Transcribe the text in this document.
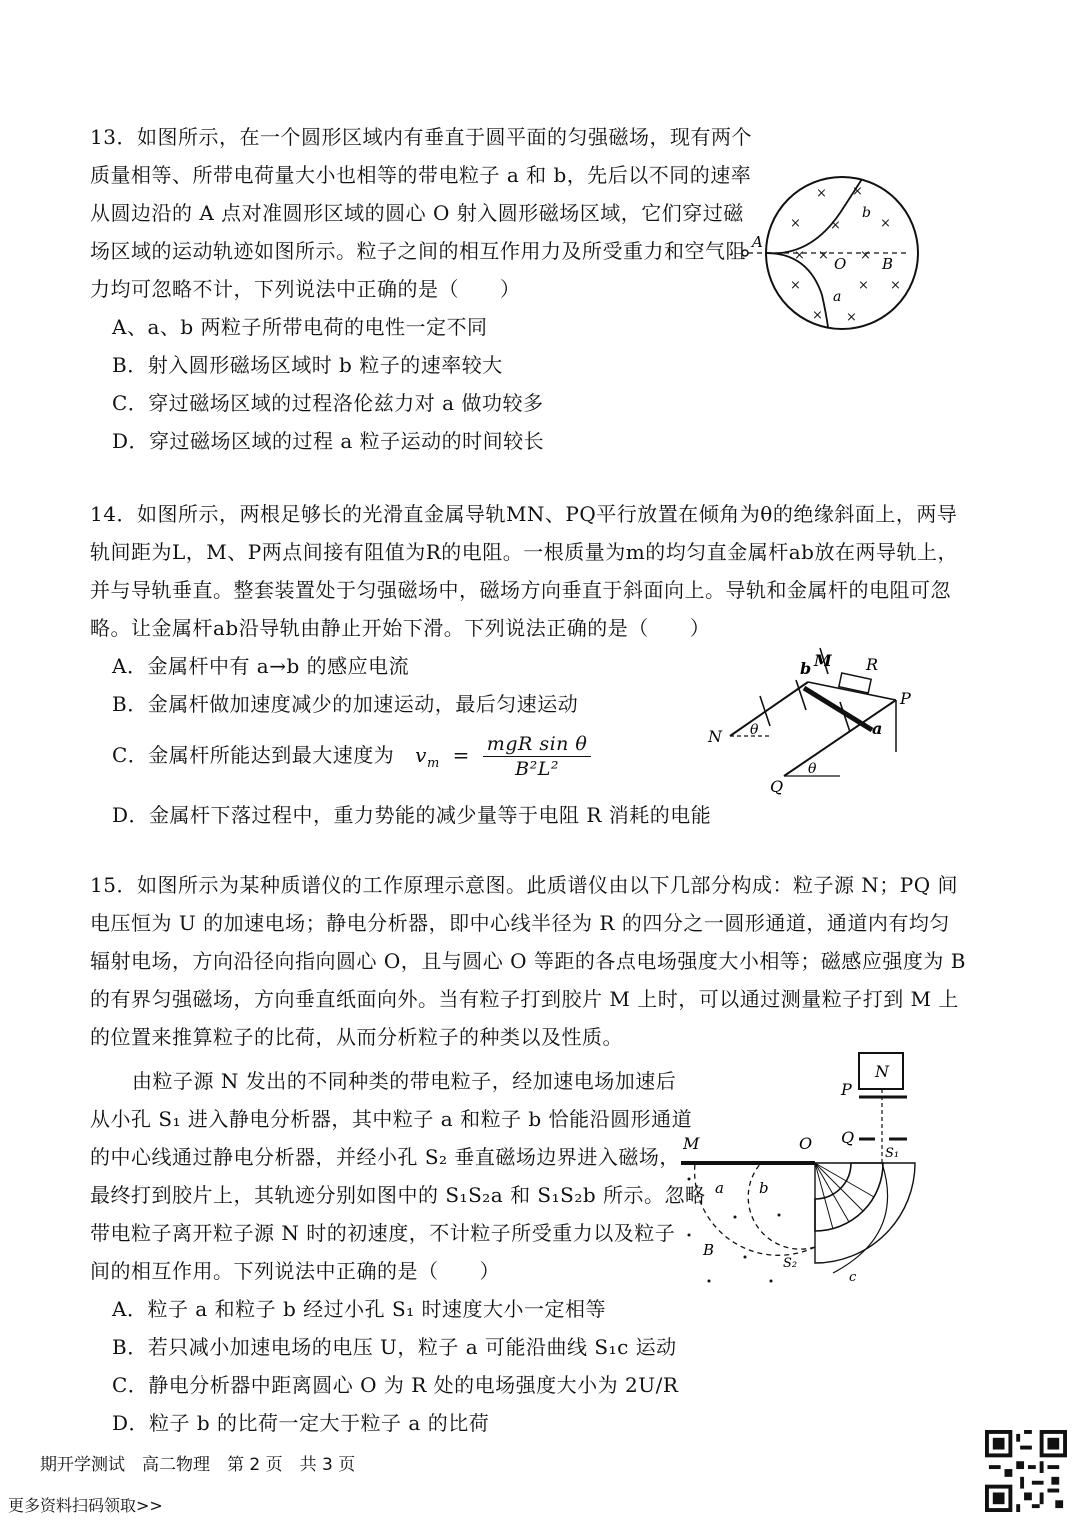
13．如图所示，在一个圆形区域内有垂直于圆平面的匀强磁场，现有两个
质量相等、所带电荷量大小也相等的带电粒子 a 和 b，先后以不同的速率
从圆边沿的 A 点对准圆形区域的圆心 O 射入圆形磁场区域，它们穿过磁
场区域的运动轨迹如图所示。粒子之间的相互作用力及所受重力和空气阻
力均可忽略不计，下列说法中正确的是（　　）
A、a、b 两粒子所带电荷的电性一定不同
B．射入圆形磁场区域时 b 粒子的速率较大
C．穿过磁场区域的过程洛伦兹力对 a 做功较多
D．穿过磁场区域的过程 a 粒子运动的时间较长
A
B
O
a
b
× ×
× ×	×
× × ×
×	× ×
× ×
14．如图所示，两根足够长的光滑直金属导轨MN、PQ平行放置在倾角为θ的绝缘斜面上，两导
轨间距为L，M、P两点间接有阻值为R的电阻。一根质量为m的均匀直金属杆ab放在两导轨上，
并与导轨垂直。整套装置处于匀强磁场中，磁场方向垂直于斜面向上。导轨和金属杆的电阻可忽
略。让金属杆ab沿导轨由静止开始下滑。下列说法正确的是（　　）
A．金属杆中有 a→b 的感应电流
B．金属杆做加速度减少的加速运动，最后匀速运动
C．金属杆所能达到最大速度为 $v_m = \frac{\text{mgR sin θ}}{\text{B²L²}}$
D．金属杆下落过程中，重力势能的减少量等于电阻 R 消耗的电能
b M R
P
N θ	a
θ
Q
15．如图所示为某种质谱仪的工作原理示意图。此质谱仪由以下几部分构成：粒子源 N；PQ 间
电压恒为 U 的加速电场；静电分析器，即中心线半径为 R 的四分之一圆形通道，通道内有均匀
辐射电场，方向沿径向指向圆心 O，且与圆心 O 等距的各点电场强度大小相等；磁感应强度为 B
的有界匀强磁场，方向垂直纸面向外。当有粒子打到胶片 M 上时，可以通过测量粒子打到 M 上
的位置来推算粒子的比荷，从而分析粒子的种类以及性质。
由粒子源 N 发出的不同种类的带电粒子，经加速电场加速后
从小孔 S₁ 进入静电分析器，其中粒子 a 和粒子 b 恰能沿圆形通道
的中心线通过静电分析器，并经小孔 S₂ 垂直磁场边界进入磁场，
最终打到胶片上，其轨迹分别如图中的 S₁S₂a 和 S₁S₂b 所示。忽略
带电粒子离开粒子源 N 时的初速度，不计粒子所受重力以及粒子
间的相互作用。下列说法中正确的是（　　）
A．粒子 a 和粒子 b 经过小孔 S₁ 时速度大小一定相等
B．若只减小加速电场的电压 U，粒子 a 可能沿曲线 S₁c 运动
C．静电分析器中距离圆心 O 为 R 处的电场强度大小为 2U/R
D．粒子 b 的比荷一定大于粒子 a 的比荷
N
P
Q
M	O
S₁
a b
B
S₂
c
期开学测试　高二物理　第 2 页　共 3 页
更多资料扫码领取>>
